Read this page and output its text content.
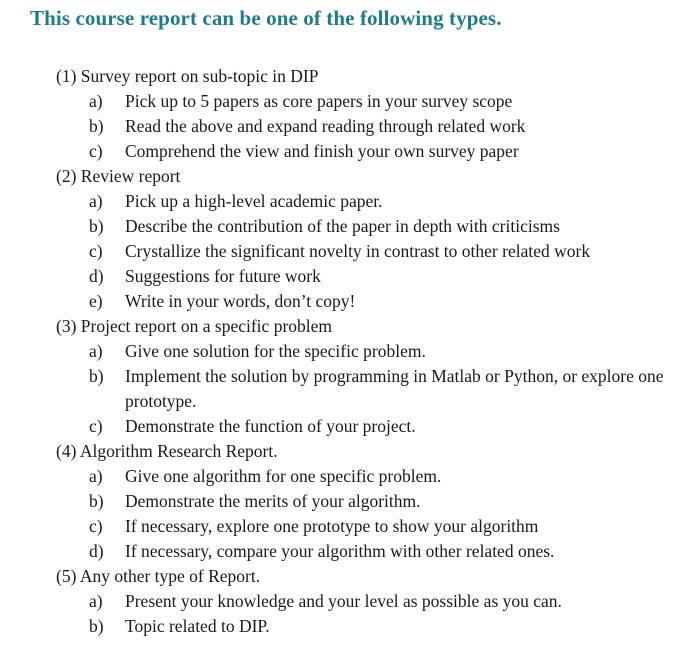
This course report can be one of the following types.
(1) Survey report on sub-topic in DIP
a)	Pick up to 5 papers as core papers in your survey scope
b)	Read the above and expand reading through related work
c)	Comprehend the view and finish your own survey paper
(2) Review report
a)	Pick up a high-level academic paper.
b)	Describe the contribution of the paper in depth with criticisms
c)	Crystallize the significant novelty in contrast to other related work
d)	Suggestions for future work
e)	Write in your words, don’t copy!
(3) Project report on a specific problem
a)	Give one solution for the specific problem.
b)	Implement the solution by programming in Matlab or Python, or explore one prototype.
c)	Demonstrate the function of your project.
(4) Algorithm Research Report.
a)	Give one algorithm for one specific problem.
b)	Demonstrate the merits of your algorithm.
c)	If necessary, explore one prototype to show your algorithm
d)	If necessary, compare your algorithm with other related ones.
(5) Any other type of Report.
a)	Present your knowledge and your level as possible as you can.
b)	Topic related to DIP.
